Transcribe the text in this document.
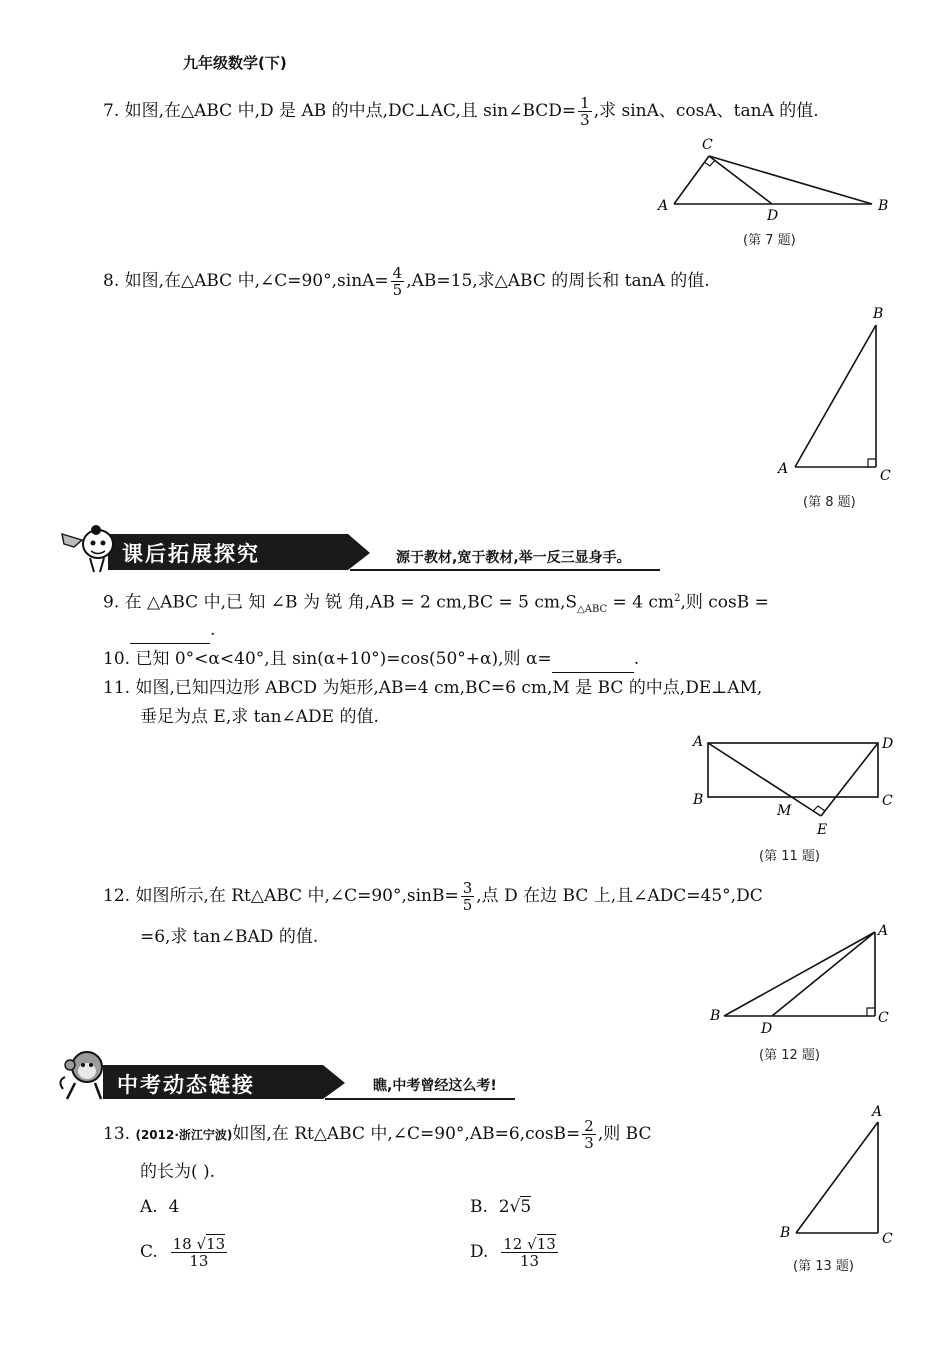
九年级数学(下)
7. 如图,在△ABC 中,D 是 AB 的中点,DC⊥AC,且 sin∠BCD= $\frac{1}{3}$ ,求 sinA、cosA、tanA 的值.
A	B
C
D
(第 7 题)
8. 如图,在△ABC 中,∠C=90°,sinA= $\frac{4}{5} ,AB=15$,求△ABC 的周长和 tanA 的值.
A
B
C
(第 8 题)
课后拓展探究	源于教材,宽于教材,举一反三显身手。
9. 在 △ABC 中,已 知 ∠B 为 锐 角,AB = 2 cm,BC = 5 $cm,S_{\triangle ABC} = 4$ $cm^2$,则 cosB =
.
10. 已知 0°<α<40°,且 sin(α+10°)=cos(50°+α),则 α=	.
11. 如图,已知四边形 ABCD 为矩形,AB=4 cm,BC=6 cm,M 是 BC 的中点,DE⊥AM,
垂足为点 E,求 tan∠ADE 的值.
A	D
B	C
M
E
(第 11 题)
12. 如图所示,在 Rt△ABC 中,∠C=90°,sinB= $\frac{3}{5}$ ,点 D 在边 BC 上,且∠ADC=45°,DC
=6,求 tan∠BAD 的值.
B
A
C
D
(第 12 题)
中考动态链接	瞧,中考曾经这么考!
13. (2012·浙江宁波)如图,在 Rt△ABC 中,∠C=90°,AB=6,cosB= $\frac{2}{3}$ ,则 BC
的长为( ).
A. 4	B. 2√5
C. $\frac{18 √13}{13}$	D. $\frac{12 √13}{13}$
A
B	C
(第 13 题)
